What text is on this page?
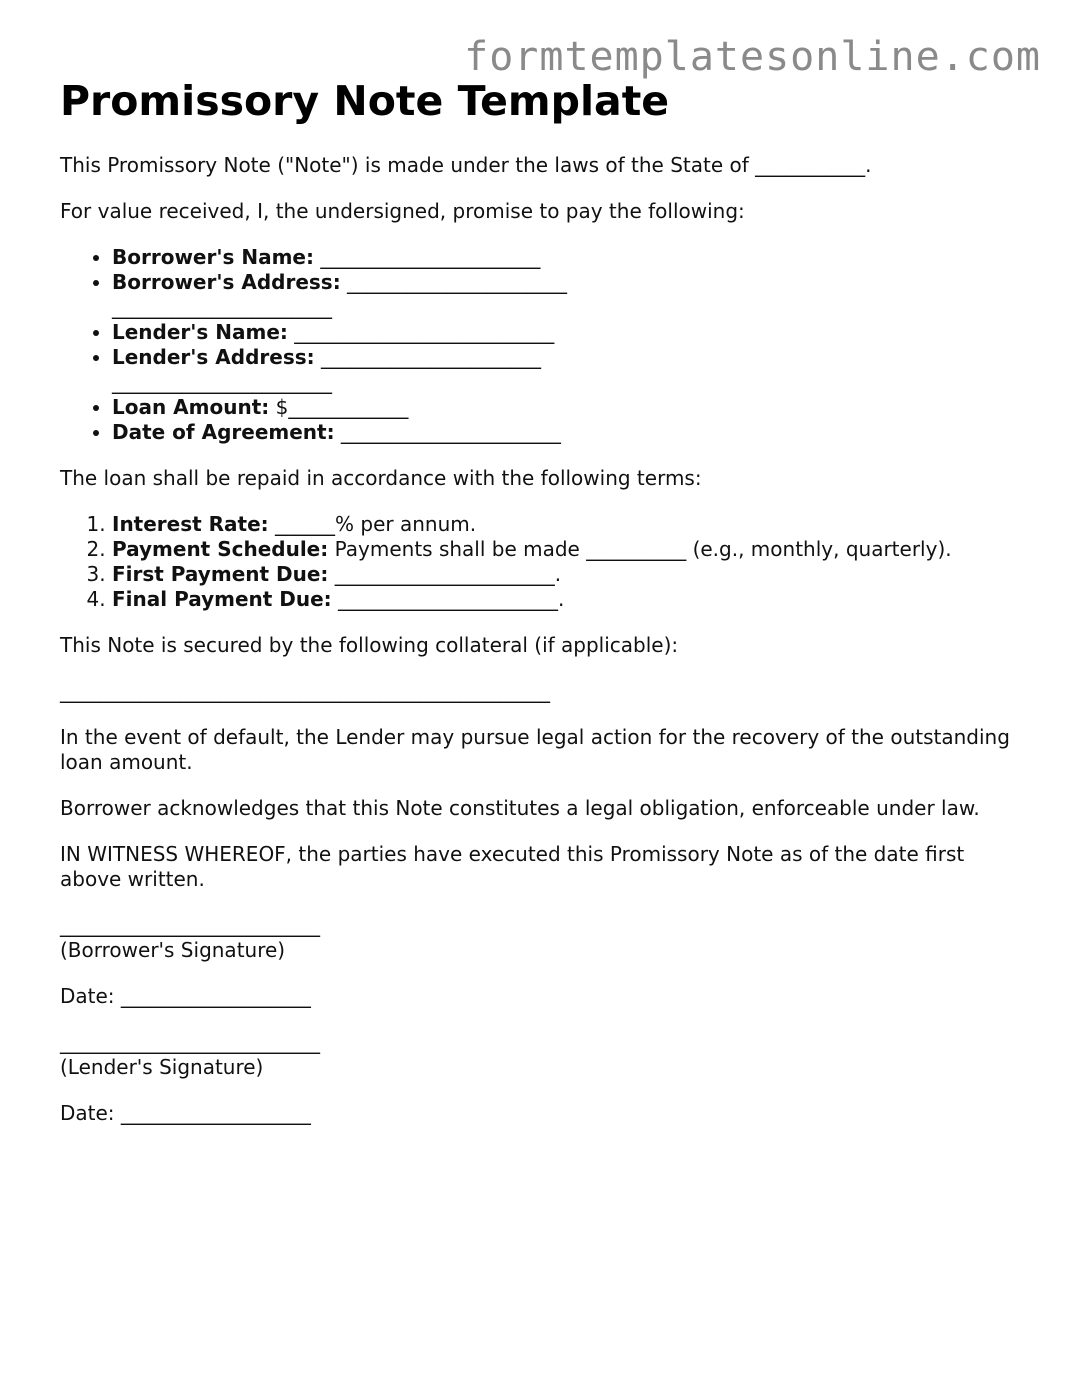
formtemplatesonline.com
Promissory Note Template

This Promissory Note ("Note") is made under the laws of the State of ___________.

For value received, I, the undersigned, promise to pay the following:

• Borrower's Name: ______________________
• Borrower's Address: ______________________
______________________
• Lender's Name: __________________________
• Lender's Address: ______________________
______________________
• Loan Amount: $____________
• Date of Agreement: ______________________

The loan shall be repaid in accordance with the following terms:

1. Interest Rate: ______% per annum.
2. Payment Schedule: Payments shall be made __________ (e.g., monthly, quarterly).
3. First Payment Due: ______________________.
4. Final Payment Due: ______________________.

This Note is secured by the following collateral (if applicable):

_________________________________________________

In the event of default, the Lender may pursue legal action for the recovery of the outstanding loan amount.

Borrower acknowledges that this Note constitutes a legal obligation, enforceable under law.

IN WITNESS WHEREOF, the parties have executed this Promissory Note as of the date first above written.

__________________________
(Borrower's Signature)

Date: ___________________

__________________________
(Lender's Signature)

Date: ___________________
